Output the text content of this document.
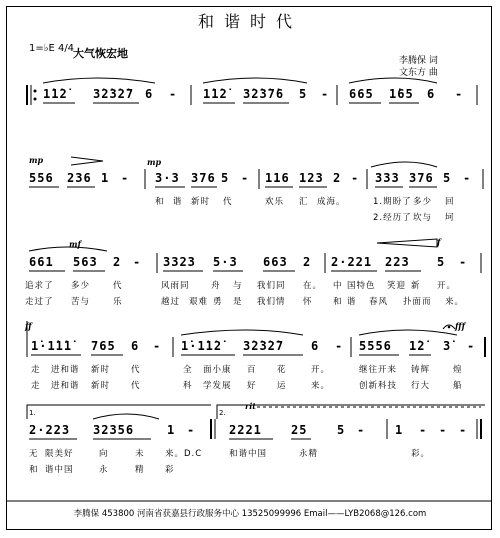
和谐时代
1=♭E 4/4
大气恢宏地
李腾保 词
文东方 曲
1̇1̇2̇ 3̇2̇3̇2̇7 6 - 1̇1̇2̇ 3̇2̇3̇7̇6 5 - 665 1̇65 6 -
mp	mp
556 236 1 - 3·3 376 5 - 116 123 2 - 333 376 5 -
和 谐 新时 代	欢乐 汇 成海。	1.期盼了 多少 回
2.经历了 坎与 坷
mf	f
661 563 2 - 3323 5·3 663 2 2·221 223 5 -
追求了 多少	代	风雨同	舟 与 我们同 在。 中 国特色 笑迎 新 开。
走过了 苦与	乐	越过 艰难 勇 是 我们情 怀 和 谐 春风 扑面而 来。
ff	fff
1̇·1̇1̇1̇ 765 6 - 1̇·1̇1̇2̇ 3̇2̇3̇2̇7 6 - 5556 1̇2̇ 3̇ -
走 进和谐 新时 代	全 面小康 百 花	开。	继往开来 铸辉	煌
走 进和谐 新时 代	科 学发展 好 运	来。	创新科技 行大	船
rit
2·223 32356	1 -	2221 25 5 - 1 - - -
无 限美好	向	未 来。D.C	和谐中国	永精	彩。
和 谐中国	永	精 彩
李腾保 453800 河南省获嘉县行政服务中心 13525099996 Email——LYB2068@126.com
1.	2.
